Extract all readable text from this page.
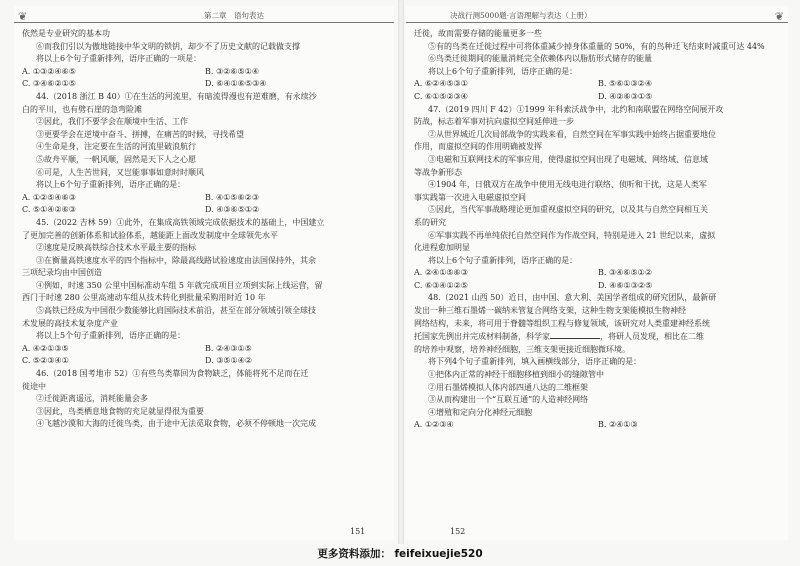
❦	第二章　语句表达

依然是专业研究的基本功

⑥而我们引以为傲地链接中华文明的锁钥，却少不了历史文献的记载做支撑

将以上6个句子重新排列，语序正确的一项是：

A. ①③②④⑥⑤	B. ③②⑥⑤①④

C. ③④⑥②①⑤	D. ⑥④①⑥⑤③④

44.（2018 浙江 B 40）①在生活的河流里，有暗流得漫也有逆难磨，有永续沙

白的平川，也有劈石崖的急弯险滩

②因此，我们不要学会在顺境中生活、工作

③更要学会在逆境中奋斗、拼搏，在痛苦的时候，寻找希望

④生命是身，注定要在生活的河流里破浪航行

⑤故舟平顺，一帆风顺，固然是天下人之心愿

⑥可是，人生苦世间，又岂能事事如意时时顺风

将以上6个句子重新排列，语序正确的是：

A. ①②⑤④⑥③	B. ④①⑤⑥②③

C. ⑤①④②⑥③	D. ④③⑥⑤①②

45.（2022 吉林 59）①此外，在集成高铁领域完成依据技术的基础上，中国建立

了更加完善的创新体系和试验体系，越能距上面改发制度中全球领先水平

②速度是反映高铁综合技术水平最主要的指标

③在衡量高铁速度水平的四个指标中，除最高线路试验速度由法国保持外，其余

三项纪录均由中国创造

④例如，时速 350 公里中国标准动车组 5 年就完成项目立项到实际上线运营，留

西门于时速 280 公里高速动车组从技术转化到批量采购用时近 10 年

⑤高铁已经成为中国很少数能够比肩国际技术前沿，甚至在部分领域引领全球技

术发展的高技术复杂度产业

将以上5个句子重新排列，语序正确的是：

A. ④②①③⑤	B. ②④③①⑤

C. ⑤②③④①	D. ③⑤①④②

46.（2018 国考地市 52）①有些鸟类靠回为食物缺乏，体能将死不足而在迁

徙途中

②迁徙距离遥远，消耗能量会多

③因此，鸟类栖息地食物的充足就显得很为重要

④飞越沙漠和大海的迁徙鸟类，由于途中无法觅取食物，必须不停顿地一次完成

151
决战行测5000题·言语理解与表达（上册）	❦

迁徙，故而需要存储的能量更多一些

⑤有的鸟类在迁徙过程中可将体重减少掉身体重量的 50%，有的鸟种迁飞结束时减重可达 44%

⑥鸟类迁徙期间的能量消耗完全依赖体内以脂肪形式储存的能量

将以上6个句子重新排列，语序正确的是：

A. ⑥②④⑤③①	B. ⑤⑥①③②④

C. ⑥①⑤②③④	D. ④②⑥③①⑤

47.（2019 四川 F 42）①1999 年科索沃战争中，北约和南联盟在网络空间展开攻

防战，标志着军事对抗向虚拟空间延伸进一步

②从世界城近几次局部战争的实践来看，自然空间在军事实践中始终占据重要地位

作用，而虚拟空间的作用明确被发挥

③电磁和互联网技术的军事应用，使得虚拟空间出现了电磁域、网络域、信息域

等战争新形态

④1904 年，日俄双方在战争中使用无线电进行联络、侦听和干扰，这是人类军

事实践第一次进入电磁虚拟空间

⑤因此，当代军事战略理论更加重视虚拟空间的研究，以及其与自然空间相互关

系的研究

⑥军事实践不再单纯依托自然空间作为作战空间，特别是进入 21 世纪以来，虚拟

化进程愈加明显

将以上6个句子重新排列，语序正确的是：

A. ②④①⑤⑥③	B. ③④⑥⑤①②

C. ⑥③④①②⑤	D. ④⑥①③②⑤

48.（2021 山西 50）近日，由中国、意大利、美国学者组成的研究团队，最新研

发出一种三维石墨烯一碳纳米管复合网络支架，这种生物支架能模拟生物神经

网络结构，未来，将可用于脊髓等组织工程与修复领域，该研究对人类重建神经系统

托国家先例出并完成材料制备，科学家	，将研人员发现，相比在二维

的培养中观察，培养神经细胞，三维支架更接近细胞微环境。

将下列4个句子重新排列，填入画横线部分，语序正确的是：

①把体内正常的神经干细胞移植到细小的缝隙管中

②用石墨烯模拟人体内部四通八达的二维框架

③从而构建出一个“互联互通”的人造神经网络

④增殖和定向分化神经元细胞

A. ①②③④	B. ②④①③

152
更多资料添加： feifeixuejie520
